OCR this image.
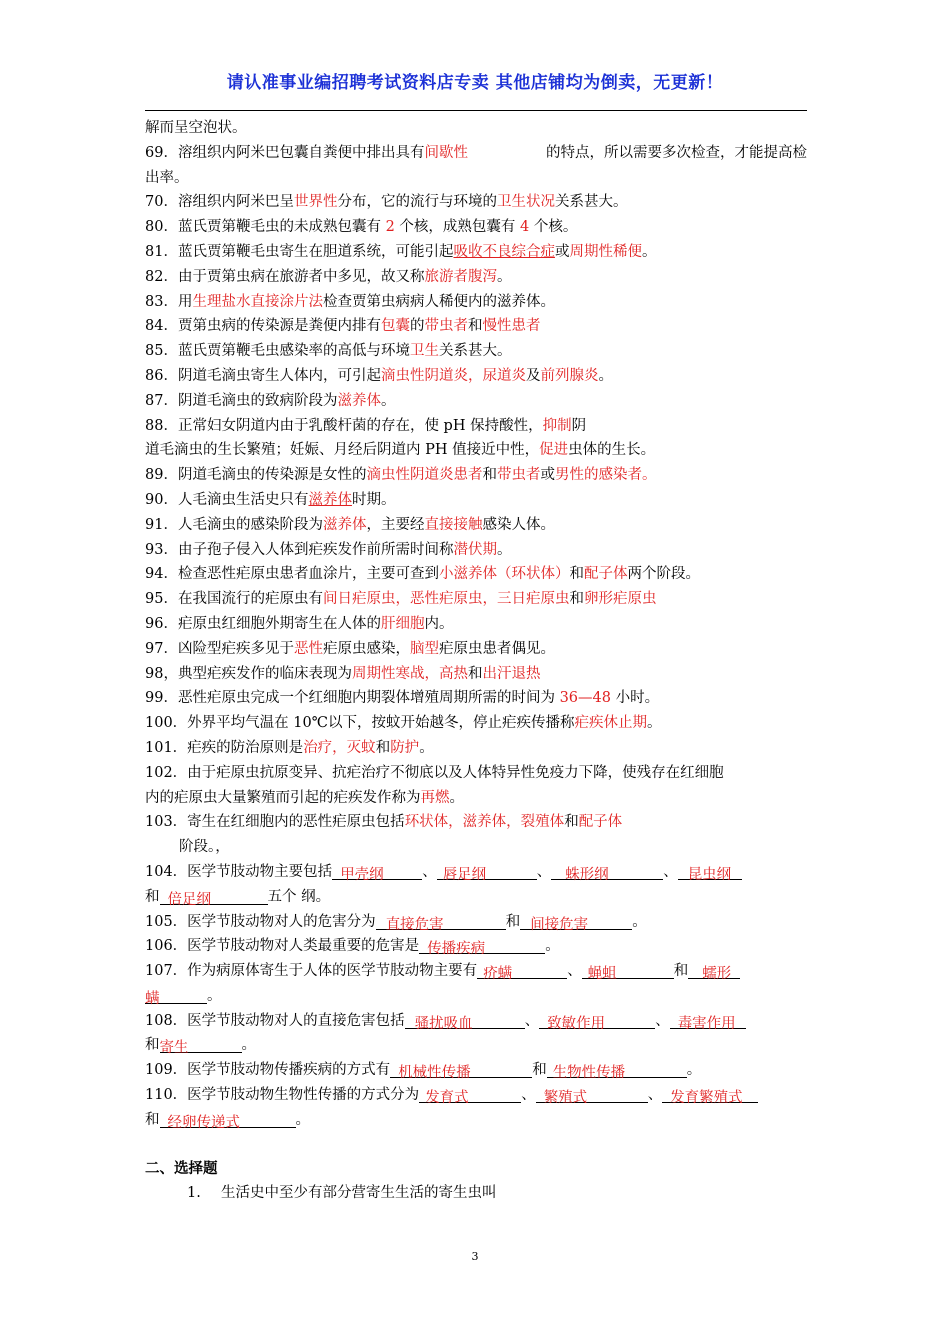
请认准事业编招聘考试资料店专卖 其他店铺均为倒卖，无更新！
解而呈空泡状。
69．溶组织内阿米巴包囊自粪便中排出具有间歇性	的特点，所以需要多次检查，才能提高检
出率。
70．溶组织内阿米巴呈世界性分布，它的流行与环境的卫生状况关系甚大。
80．蓝氏贾第鞭毛虫的未成熟包囊有 2 个核，成熟包囊有 4 个核。
81．蓝氏贾第鞭毛虫寄生在胆道系统，可能引起吸收不良综合症或周期性稀便。
82．由于贾第虫病在旅游者中多见，故又称旅游者腹泻。
83．用生理盐水直接涂片法检查贾第虫病病人稀便内的滋养体。
84．贾第虫病的传染源是粪便内排有包囊的带虫者和慢性患者
85．蓝氏贾第鞭毛虫感染率的高低与环境卫生关系甚大。
86．阴道毛滴虫寄生人体内，可引起滴虫性阴道炎，尿道炎及前列腺炎。
87．阴道毛滴虫的致病阶段为滋养体。
88．正常妇女阴道内由于乳酸杆菌的存在，使 pH 保持酸性，抑制阴
道毛滴虫的生长繁殖；妊娠、月经后阴道内 PH 值接近中性，促进虫体的生长。
89．阴道毛滴虫的传染源是女性的滴虫性阴道炎患者和带虫者或男性的感染者。
90．人毛滴虫生活史只有滋养体时期。
91．人毛滴虫的感染阶段为滋养体，主要经直接接触感染人体。
93．由子孢子侵入人体到疟疾发作前所需时间称潜伏期。
94．检查恶性疟原虫患者血涂片，主要可查到小滋养体（环状体）和配子体两个阶段。
95．在我国流行的疟原虫有间日疟原虫，恶性疟原虫，三日疟原虫和卵形疟原虫
96．疟原虫红细胞外期寄生在人体的肝细胞内。
97．凶险型疟疾多见于恶性疟原虫感染，脑型疟原虫患者偶见。
98，典型疟疾发作的临床表现为周期性寒战，高热和出汗退热
99．恶性疟原虫完成一个红细胞内期裂体增殖周期所需的时间为 36—48 小时。
100．外界平均气温在 10℃以下，按蚊开始越冬，停止疟疾传播称疟疾休止期。
101．疟疾的防治原则是治疗，灭蚊和防护。
102．由于疟原虫抗原变异、抗疟治疗不彻底以及人体特异性免疫力下降，使残存在红细胞
内的疟原虫大量繁殖而引起的疟疾发作称为再燃。
103．寄生在红细胞内的恶性疟原虫包括环状体，滋养体，裂殖体和配子体
阶段。，
104．医学节肢动物主要包括 甲壳纲	、 唇足纲	、 蛛形纲	、 昆虫纲
和 倍足纲	五个 纲。
105．医学节肢动物对人的危害分为 直接危害	和 间接危害	。
106．医学节肢动物对人类最重要的危害是 传播疾病	。
107．作为病原体寄生于人体的医学节肢动物主要有 疥螨	、 蝇蛆	和 蠕形
螨	。
108．医学节肢动物对人的直接危害包括 骚扰吸血	、 致敏作用	、 毒害作用
和寄生	。
109．医学节肢动物传播疾病的方式有 机械性传播	和 生物性传播	。
110．医学节肢动物生物性传播的方式分为 发育式	、 繁殖式	、 发育繁殖式
和 经卵传递式	。
二、选择题
1. 生活史中至少有部分营寄生生活的寄生虫叫
3
